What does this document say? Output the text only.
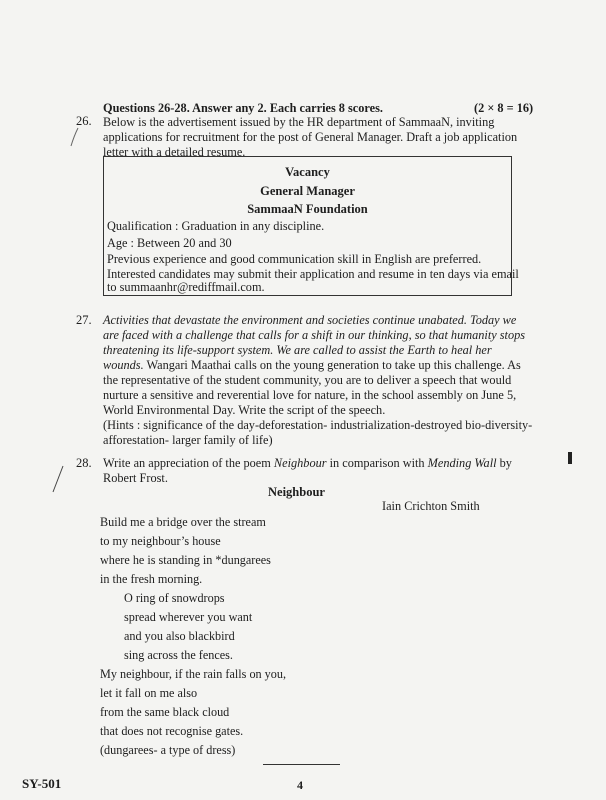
Questions 26-28. Answer any 2. Each carries 8 scores.	(2 × 8 = 16)
26. Below is the advertisement issued by the HR department of SammaaN, inviting
applications for recruitment for the post of General Manager. Draft a job application
letter with a detailed resume.
Vacancy
General Manager
SammaaN Foundation
Qualification : Graduation in any discipline.
Age : Between 20 and 30
Previous experience and good communication skill in English are preferred.
Interested candidates may submit their application and resume in ten days via email
to summaanhr@rediffmail.com.
27. Activities that devastate the environment and societies continue unabated. Today we
are faced with a challenge that calls for a shift in our thinking, so that humanity stops
threatening its life-support system. We are called to assist the Earth to heal her
wounds. Wangari Maathai calls on the young generation to take up this challenge. As
the representative of the student community, you are to deliver a speech that would
nurture a sensitive and reverential love for nature, in the school assembly on June 5,
World Environmental Day. Write the script of the speech.
(Hints : significance of the day-deforestation- industrialization-destroyed bio-diversity-
afforestation- larger family of life)
28. Write an appreciation of the poem Neighbour in comparison with Mending Wall by
Robert Frost.
Neighbour
Iain Crichton Smith
Build me a bridge over the stream
to my neighbour’s house
where he is standing in *dungarees
in the fresh morning.
O ring of snowdrops
spread wherever you want
and you also blackbird
sing across the fences.
My neighbour, if the rain falls on you,
let it fall on me also
from the same black cloud
that does not recognise gates.
(dungarees- a type of dress)
SY-501	4
